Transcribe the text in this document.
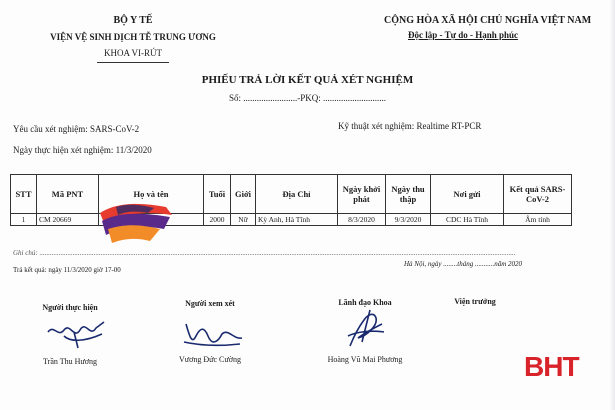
BỘ Y TẾ
VIỆN VỆ SINH DỊCH TỄ TRUNG ƯƠNG
KHOA VI-RÚT
CỘNG HÒA XÃ HỘI CHỦ NGHĨA VIỆT NAM
Độc lập - Tự do - Hạnh phúc
PHIẾU TRẢ LỜI KẾT QUẢ XÉT NGHIỆM
Số: ........................-PKQ: ............................
Yêu cầu xét nghiệm: SARS-CoV-2	Kỹ thuật xét nghiệm: Realtime RT-PCR
Ngày thực hiện xét nghiệm: 11/3/2020
STT	Mã PNT	Họ và tên	Tuổi	Giới	Địa Chỉ	Ngày khởi phát	Ngày thu thập	Nơi gửi	Kết quả SARS-CoV-2
1	CM 20669		2000	Nữ	Kỳ Anh, Hà Tĩnh	8/3/2020	9/3/2020	CDC Hà Tĩnh	Âm tính
Ghi chú: ................................................................................................................................................................................................................................................................................
Hà Nội, ngày ........tháng ...........năm 2020
Trả kết quả: ngày 11/3/2020 giờ 17-00
Người thực hiện	Người xem xét	Lãnh đạo Khoa	Viện trưởng
Trần Thu Hương	Vương Đức Cường	Hoàng Vũ Mai Phương	BHT
